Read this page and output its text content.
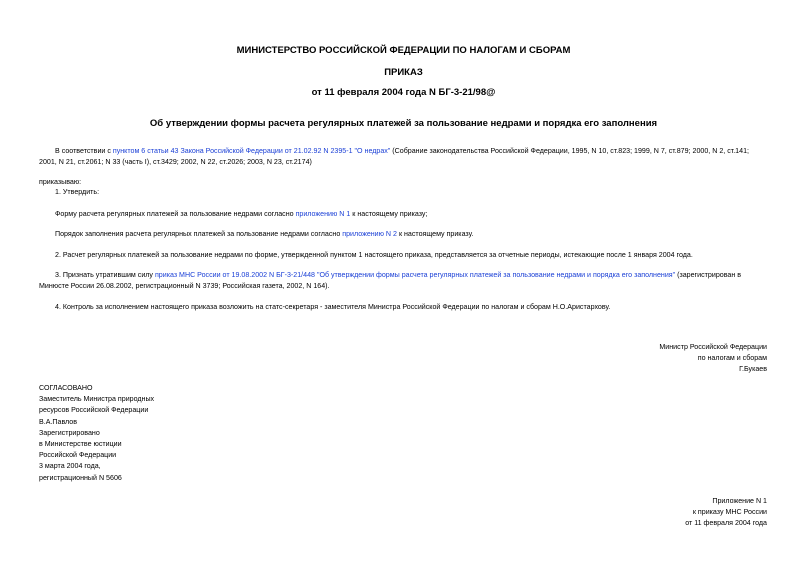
МИНИСТЕРСТВО РОССИЙСКОЙ ФЕДЕРАЦИИ ПО НАЛОГАМ И СБОРАМ
ПРИКАЗ
от 11 февраля 2004 года N БГ-3-21/98@
Об утверждении формы расчета регулярных платежей за пользование недрами и порядка его заполнения
В соответствии с пунктом 6 статьи 43 Закона Российской Федерации от 21.02.92 N 2395-1 "О недрах" (Собрание законодательства Российской Федерации, 1995, N 10, ст.823; 1999, N 7, ст.879; 2000, N 2, ст.141;
2001, N 21, ст.2061; N 33 (часть I), ст.3429; 2002, N 22, ст.2026; 2003, N 23, ст.2174)
приказываю:
1. Утвердить:
Форму расчета регулярных платежей за пользование недрами согласно приложению N 1 к настоящему приказу;
Порядок заполнения расчета регулярных платежей за пользование недрами согласно приложению N 2 к настоящему приказу.
2. Расчет регулярных платежей за пользование недрами по форме, утвержденной пунктом 1 настоящего приказа, представляется за отчетные периоды, истекающие после 1 января 2004 года.
3. Признать утратившим силу приказ МНС России от 19.08.2002 N БГ-3-21/448 "Об утверждении формы расчета регулярных платежей за пользование недрами и порядка его заполнения" (зарегистрирован в
Минюсте России 26.08.2002, регистрационный N 3739; Российская газета, 2002, N 164).
4. Контроль за исполнением настоящего приказа возложить на статс-секретаря - заместителя Министра Российской Федерации по налогам и сборам Н.О.Аристархову.
Министр Российской Федерации
по налогам и сборам
Г.Букаев
СОГЛАСОВАНО
Заместитель Министра природных
ресурсов Российской Федерации
В.А.Павлов
Зарегистрировано
в Министерстве юстиции
Российской Федерации
3 марта 2004 года,
регистрационный N 5606
Приложение N 1
к приказу МНС России
от 11 февраля 2004 года
